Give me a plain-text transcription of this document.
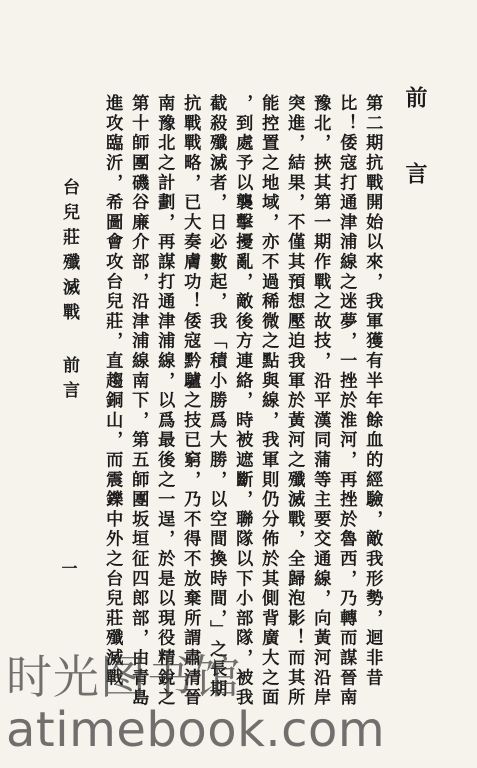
前 言
第二期抗戰開始以來，我軍獲有半年餘血的經驗，敵我形勢，迴非昔
比！倭寇打通津浦線之迷夢，一挫於淮河，再挫於魯西，乃轉而謀晉南
豫北，挾其第一期作戰之故技，沿平漢同蒲等主要交通線，向黃河沿岸
突進，結果，不僅其預想壓迫我軍於黃河之殲滅戰，全歸泡影！而其所
能控置之地域，亦不過稀微之點與線，我軍則仍分佈於其側背廣大之面
，到處予以襲擊擾亂，敵後方連絡，時被遮斷，聯隊以下小部隊，被我
截殺殲滅者，日必數起，我「積小勝爲大勝，以空間換時間，」之長期
抗戰戰略，已大奏膚功！倭寇黔驢之技已窮，乃不得不放棄所謂肅清晉
南豫北之計劃，再謀打通津浦線，以爲最後之一逞，於是以現役精銳之
第十師團磯谷廉介部，沿津浦線南下，第五師團坂垣征四郎部，由青島
進攻臨沂，希圖會攻台兒莊，直趨銅山，而震鑠中外之台兒莊殲滅戰
台兒莊殲滅戰 前言
一
时光图书馆
atimebook.com
